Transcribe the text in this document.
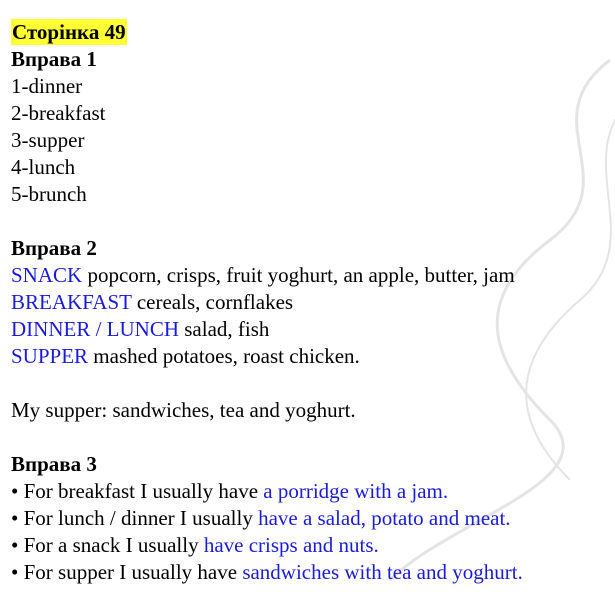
Сторінка 49
Вправа 1
1-dinner
2-breakfast
3-supper
4-lunch
5-brunch
Вправа 2
SNACK popcorn, crisps, fruit yoghurt, an apple, butter, jam
BREAKFAST cereals, cornflakes
DINNER / LUNCH salad, fish
SUPPER mashed potatoes, roast chicken.
My supper: sandwiches, tea and yoghurt.
Вправа 3
• For breakfast I usually have a porridge with a jam.
• For lunch / dinner I usually have a salad, potato and meat.
• For a snack I usually have crisps and nuts.
• For supper I usually have sandwiches with tea and yoghurt.
